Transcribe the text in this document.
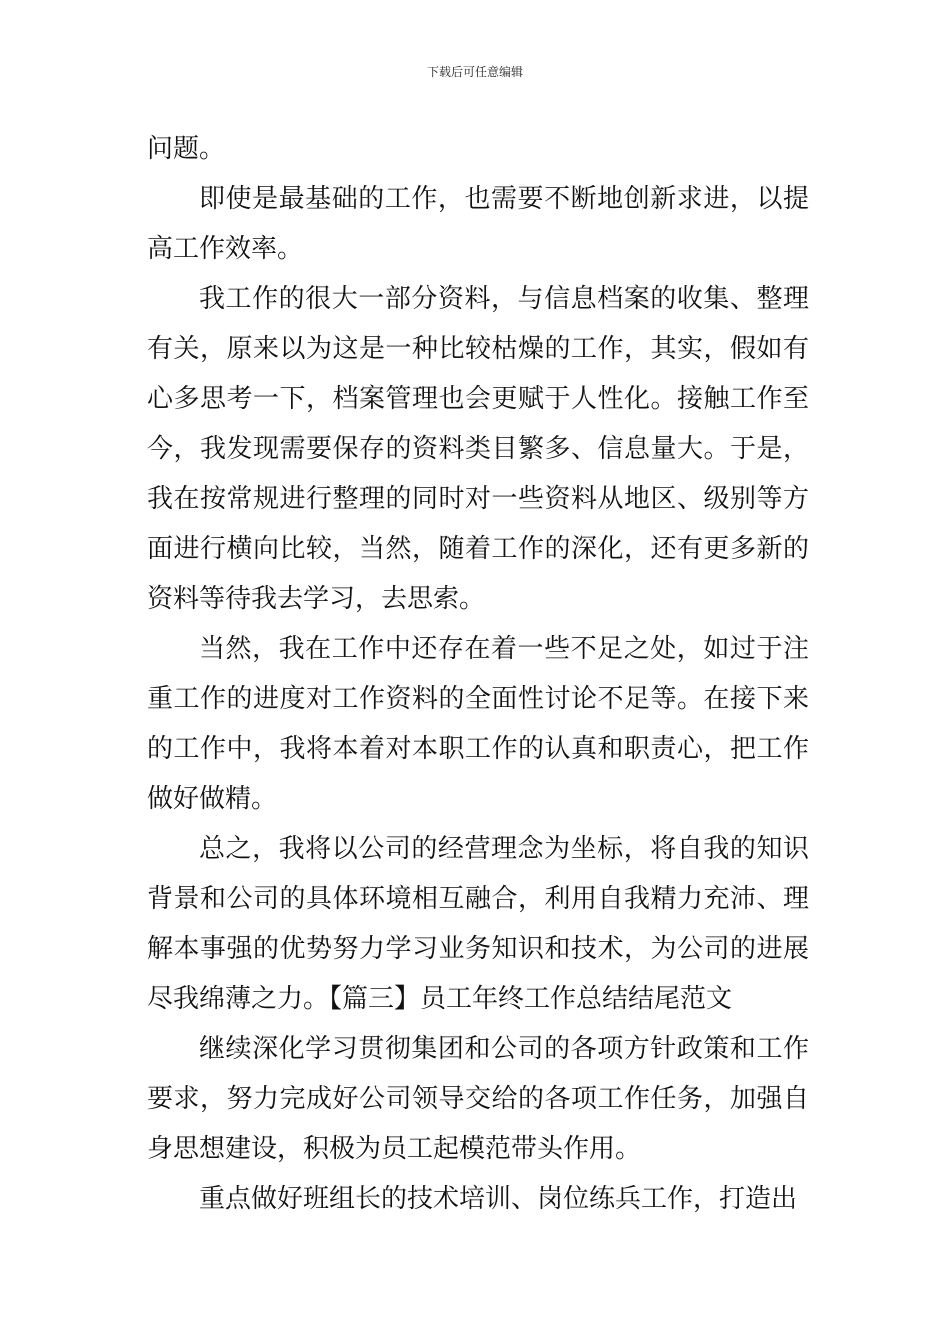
下载后可任意编辑

问题。

即使是最基础的工作，也需要不断地创新求进，以提高工作效率。

我工作的很大一部分资料，与信息档案的收集、整理有关，原来以为这是一种比较枯燥的工作，其实，假如有心多思考一下，档案管理也会更赋于人性化。接触工作至今，我发现需要保存的资料类目繁多、信息量大。于是，我在按常规进行整理的同时对一些资料从地区、级别等方面进行横向比较，当然，随着工作的深化，还有更多新的资料等待我去学习，去思索。

当然，我在工作中还存在着一些不足之处，如过于注重工作的进度对工作资料的全面性讨论不足等。在接下来的工作中，我将本着对本职工作的认真和职责心，把工作做好做精。

总之，我将以公司的经营理念为坐标，将自我的知识背景和公司的具体环境相互融合，利用自我精力充沛、理解本事强的优势努力学习业务知识和技术，为公司的进展尽我绵薄之力。【篇三】员工年终工作总结结尾范文

继续深化学习贯彻集团和公司的各项方针政策和工作要求，努力完成好公司领导交给的各项工作任务，加强自身思想建设，积极为员工起模范带头作用。

重点做好班组长的技术培训、岗位练兵工作，打造出
